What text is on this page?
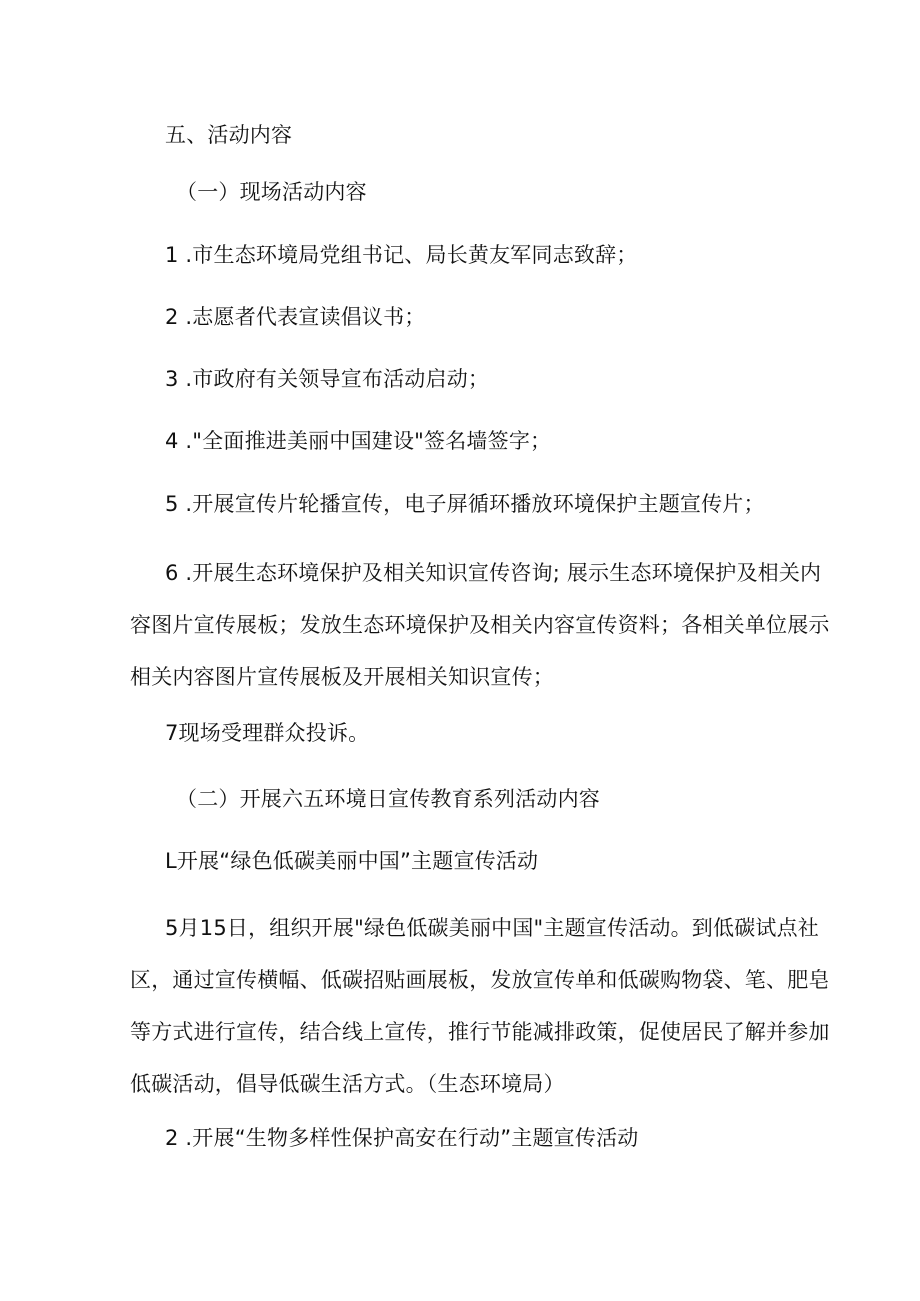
五、活动内容
（一）现场活动内容
1 .市生态环境局党组书记、局长黄友军同志致辞；
2 .志愿者代表宣读倡议书；
3 .市政府有关领导宣布活动启动；
4 ."全面推进美丽中国建设"签名墙签字；
5 .开展宣传片轮播宣传，电子屏循环播放环境保护主题宣传片；
6 .开展生态环境保护及相关知识宣传咨询; 展示生态环境保护及相关内
容图片宣传展板；发放生态环境保护及相关内容宣传资料；各相关单位展示
相关内容图片宣传展板及开展相关知识宣传；
7现场受理群众投诉。
（二）开展六五环境日宣传教育系列活动内容
L开展“绿色低碳美丽中国”主题宣传活动
5月15日，组织开展"绿色低碳美丽中国"主题宣传活动。到低碳试点社
区，通过宣传横幅、低碳招贴画展板，发放宣传单和低碳购物袋、笔、肥皂
等方式进行宣传，结合线上宣传，推行节能减排政策，促使居民了解并参加
低碳活动，倡导低碳生活方式。（生态环境局）
2 .开展“生物多样性保护高安在行动”主题宣传活动
